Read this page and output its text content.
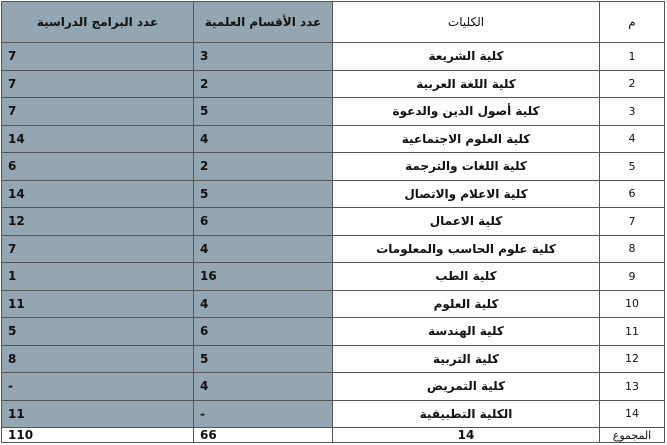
م	الكليات	عدد الأقسام العلمية	عدد البرامج الدراسية
1	كلية الشريعة	3	7
2	كلية اللغة العربية	2	7
3	كلية أصول الدين والدعوة	5	7
4	كلية العلوم الاجتماعية	4	14
5	كلية اللغات والترجمة	2	6
6	كلية الاعلام والاتصال	5	14
7	كلية الاعمال	6	12
8	كلية علوم الحاسب والمعلومات	4	7
9	كلية الطب	16	1
10	كلية العلوم	4	11
11	كلية الهندسة	6	5
12	كلية التربية	5	8
13	كلية التمريض	4	-
14	الكلية التطبيقية	-	11
المجموع	14	66	110
